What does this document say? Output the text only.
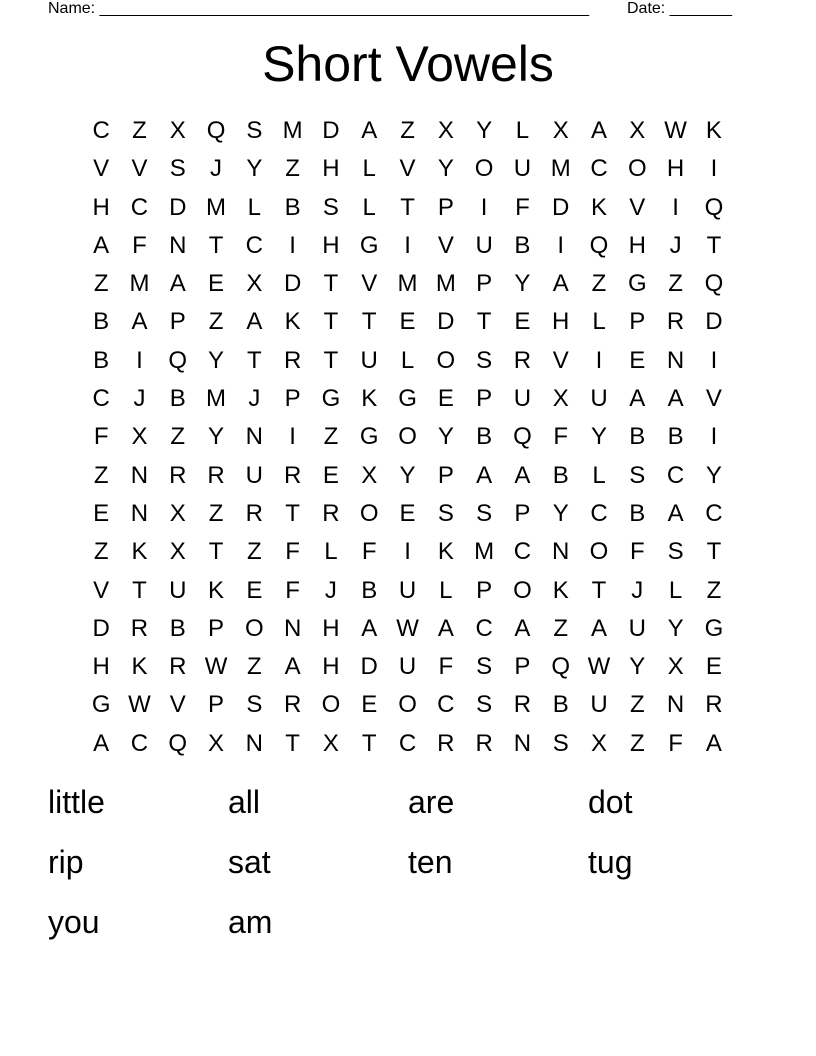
Name: _______________________________________________________ Date: _______
Short Vowels
C Z X Q S M D A Z X Y L X A X W K
V V S	J	Y Z H L V Y O U M C O H	I
H C D M L B S L	T P	I	F D K V	I	Q
A F N T C	I	H G	I	V U B	I	Q H J	T
Z M A E X D T V M M P Y A Z G Z Q
B A P Z A K T T E D T E H L P R D
B	I	Q Y T R T U L O S R V	I	E N	I
C J	B M J	P G K G E P U X U A A V
F X Z Y N	I	Z G O Y B Q F Y B B	I
Z N R R U R E X Y P A A B L S C Y
E N X Z R T R O E S S P Y C B A C
Z K X T Z F	L	F	I	K M C N O F S T
V T U K E F	J	B U L P O K T	J	L	Z
D R B P O N H A W A C A Z A U Y G
H K R W Z A H D U F S P Q W Y X E
G W V P S R O E O C S R B U Z N R
A C Q X N T X T C R R N S X Z F A
little	all	are	dot
rip	sat	ten	tug
you	am
